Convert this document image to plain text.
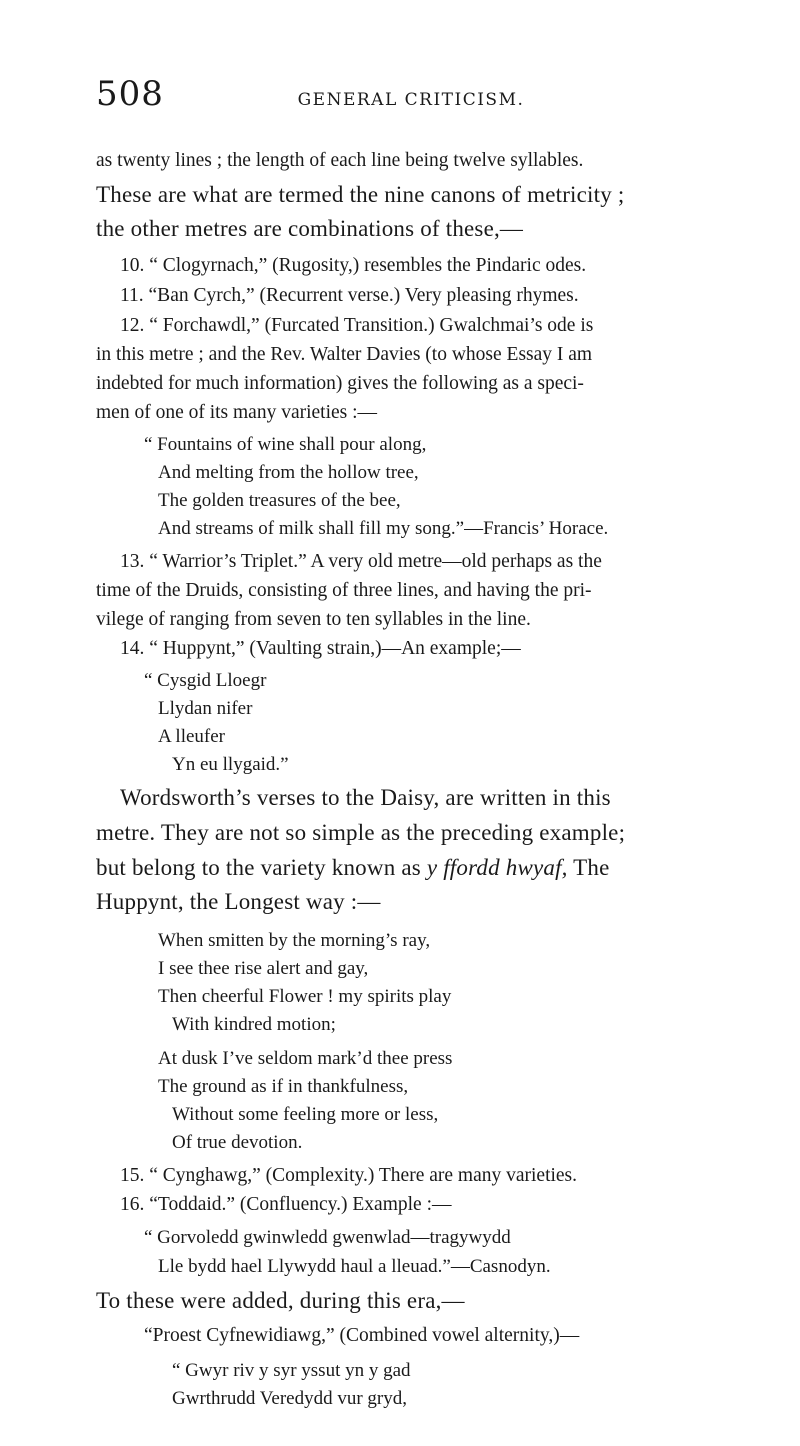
508	GENERAL CRITICISM.
as twenty lines ; the length of each line being twelve syllables.
These are what are termed the nine canons of metricity ;
the other metres are combinations of these,—
10. “ Clogyrnach,” (Rugosity,) resembles the Pindaric odes.
11. “Ban Cyrch,” (Recurrent verse.) Very pleasing rhymes.
12. “ Forchawdl,” (Furcated Transition.) Gwalchmai’s ode is
in this metre ; and the Rev. Walter Davies (to whose Essay I am
indebted for much information) gives the following as a speci-
men of one of its many varieties :—
“ Fountains of wine shall pour along,
And melting from the hollow tree,
The golden treasures of the bee,
And streams of milk shall fill my song.”—Francis’ Horace.
13. “ Warrior’s Triplet.” A very old metre—old perhaps as the
time of the Druids, consisting of three lines, and having the pri-
vilege of ranging from seven to ten syllables in the line.
14. “ Huppynt,” (Vaulting strain,)—An example;—
“ Cysgid Lloegr
Llydan nifer
A lleufer
Yn eu llygaid.”
Wordsworth’s verses to the Daisy, are written in this
metre. They are not so simple as the preceding example;
but belong to the variety known as y ffordd hwyaf, The
Huppynt, the Longest way :—
When smitten by the morning’s ray,
I see thee rise alert and gay,
Then cheerful Flower ! my spirits play
With kindred motion;
At dusk I’ve seldom mark’d thee press
The ground as if in thankfulness,
Without some feeling more or less,
Of true devotion.
15. “ Cynghawg,” (Complexity.) There are many varieties.
16. “Toddaid.” (Confluency.) Example :—
“ Gorvoledd gwinwledd gwenwlad—tragywydd
Lle bydd hael Llywydd haul a lleuad.”—Casnodyn.
To these were added, during this era,—
“Proest Cyfnewidiawg,” (Combined vowel alternity,)—
“ Gwyr riv y syr yssut yn y gad
Gwrthrudd Veredydd vur gryd,
